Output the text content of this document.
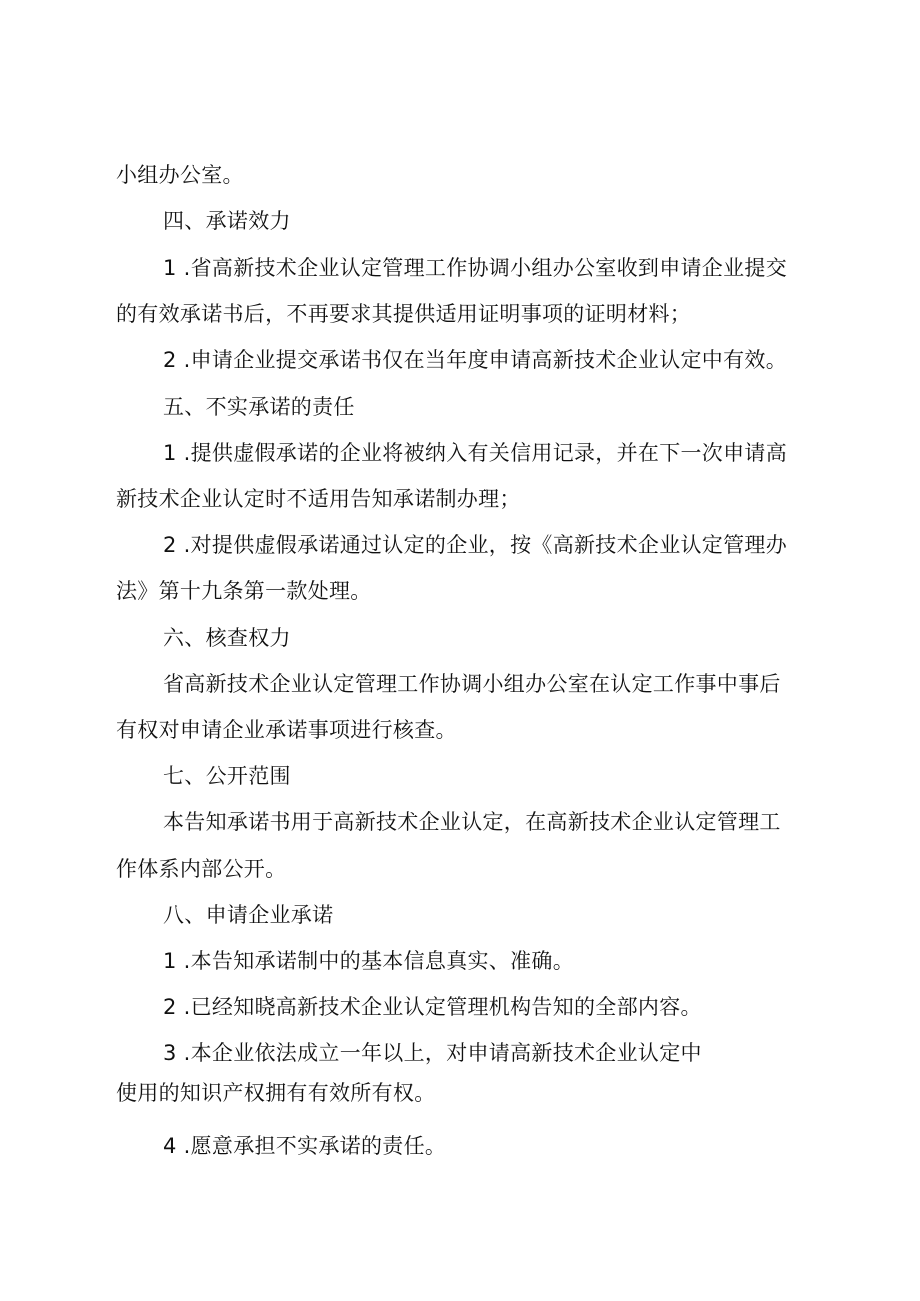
小组办公室。
四、承诺效力
1 .省高新技术企业认定管理工作协调小组办公室收到申请企业提交
的有效承诺书后，不再要求其提供适用证明事项的证明材料；
2 .申请企业提交承诺书仅在当年度申请高新技术企业认定中有效。
五、不实承诺的责任
1 .提供虚假承诺的企业将被纳入有关信用记录，并在下一次申请高
新技术企业认定时不适用告知承诺制办理；
2 .对提供虚假承诺通过认定的企业，按《高新技术企业认定管理办
法》第十九条第一款处理。
六、核查权力
省高新技术企业认定管理工作协调小组办公室在认定工作事中事后
有权对申请企业承诺事项进行核查。
七、公开范围
本告知承诺书用于高新技术企业认定，在高新技术企业认定管理工
作体系内部公开。
八、申请企业承诺
1 .本告知承诺制中的基本信息真实、准确。
2 .已经知晓高新技术企业认定管理机构告知的全部内容。
3 .本企业依法成立一年以上，对申请高新技术企业认定中
使用的知识产权拥有有效所有权。
4 .愿意承担不实承诺的责任。
